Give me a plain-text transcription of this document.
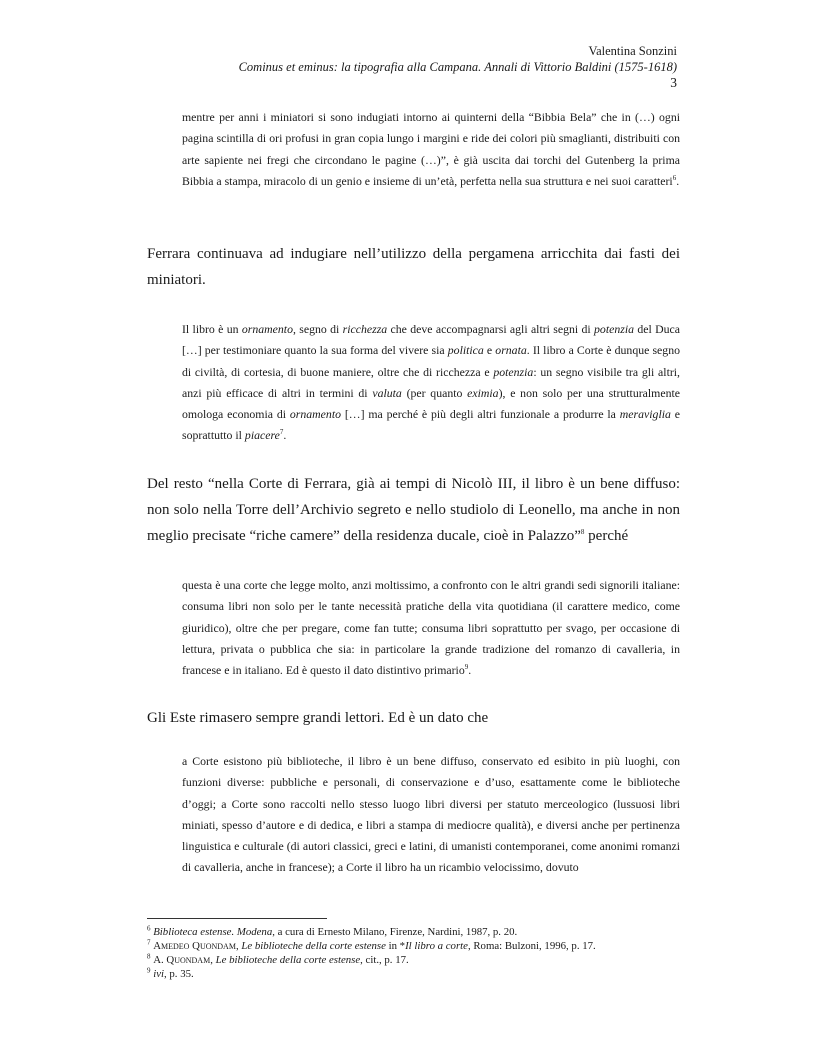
Valentina Sonzini
Cominus et eminus: la tipografia alla Campana. Annali di Vittorio Baldini (1575-1618)
3
mentre per anni i miniatori si sono indugiati intorno ai quinterni della “Bibbia Bela” che in (…) ogni pagina scintilla di ori profusi in gran copia lungo i margini e ride dei colori più smaglianti, distribuiti con arte sapiente nei fregi che circondano le pagine (…)”, è già uscita dai torchi del Gutenberg la prima Bibbia a stampa, miracolo di un genio e insieme di un’età, perfetta nella sua struttura e nei suoi caratteri$^6$.
Ferrara continuava ad indugiare nell’utilizzo della pergamena arricchita dai fasti dei miniatori.
Il libro è un ornamento, segno di ricchezza che deve accompagnarsi agli altri segni di potenzia del Duca […] per testimoniare quanto la sua forma del vivere sia politica e ornata. Il libro a Corte è dunque segno di civiltà, di cortesia, di buone maniere, oltre che di ricchezza e potenzia: un segno visibile tra gli altri, anzi più efficace di altri in termini di valuta (per quanto eximia), e non solo per una strutturalmente omologa economia di ornamento […] ma perché è più degli altri funzionale a produrre la meraviglia e soprattutto il piacere$^7$.
Del resto “nella Corte di Ferrara, già ai tempi di Nicolò III, il libro è un bene diffuso: non solo nella Torre dell’Archivio segreto e nello studiolo di Leonello, ma anche in non meglio precisate “riche camere” della residenza ducale, cioè in Palazzo”$^8$ perché
questa è una corte che legge molto, anzi moltissimo, a confronto con le altri grandi sedi signorili italiane: consuma libri non solo per le tante necessità pratiche della vita quotidiana (il carattere medico, come giuridico), oltre che per pregare, come fan tutte; consuma libri soprattutto per svago, per occasione di lettura, privata o pubblica che sia: in particolare la grande tradizione del romanzo di cavalleria, in francese e in italiano. Ed è questo il dato distintivo primario$^9$.
Gli Este rimasero sempre grandi lettori. Ed è un dato che
a Corte esistono più biblioteche, il libro è un bene diffuso, conservato ed esibito in più luoghi, con funzioni diverse: pubbliche e personali, di conservazione e d’uso, esattamente come le biblioteche d’oggi; a Corte sono raccolti nello stesso luogo libri diversi per statuto merceologico (lussuosi libri miniati, spesso d’autore e di dedica, e libri a stampa di mediocre qualità), e diversi anche per pertinenza linguistica e culturale (di autori classici, greci e latini, di umanisti contemporanei, come anonimi romanzi di cavalleria, anche in francese); a Corte il libro ha un ricambio velocissimo, dovuto
$^6$ Biblioteca estense. Modena, a cura di Ernesto Milano, Firenze, Nardini, 1987, p. 20.
$^7$ Amedeo Quondam, Le biblioteche della corte estense in *Il libro a corte, Roma: Bulzoni, 1996, p. 17.
$^8$ A. Quondam, Le biblioteche della corte estense, cit., p. 17.
$^9$ ivi, p. 35.
